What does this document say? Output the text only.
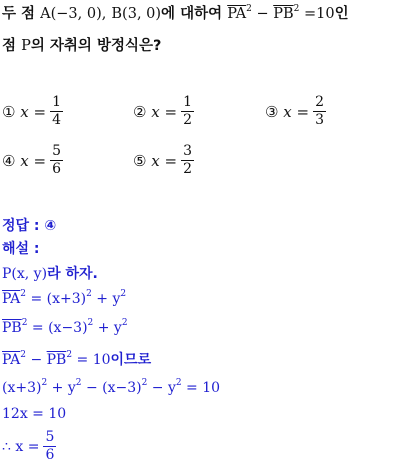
두 점 A(−3, 0), B(3, 0)에 대하여 $\overline{PA}^2 - \overline{PB}^2 =10$인
점 P의 자취의 방정식은?
①
x
= $\frac{1}{4}$	②
x
= $\frac{1}{2}$	③
x
= $\frac{2}{3}$
④
x
= $\frac{5}{6}$	⑤
x
= $\frac{3}{2}$
정답 : ④
해설 :
P(x, y)라 하자.
$\overline{PA}^2 = (x+3)^2 + y^2$
$\overline{PB}^2 = (x-3)^2 + y^2$
$\overline{PA}^2 - \overline{PB}^2 = 10$이므로
$(x+3)^2 + y^2 - (x-3)^2 - y^2 = 10$
12x = 10
∴ $x = \frac{5}{6}$
